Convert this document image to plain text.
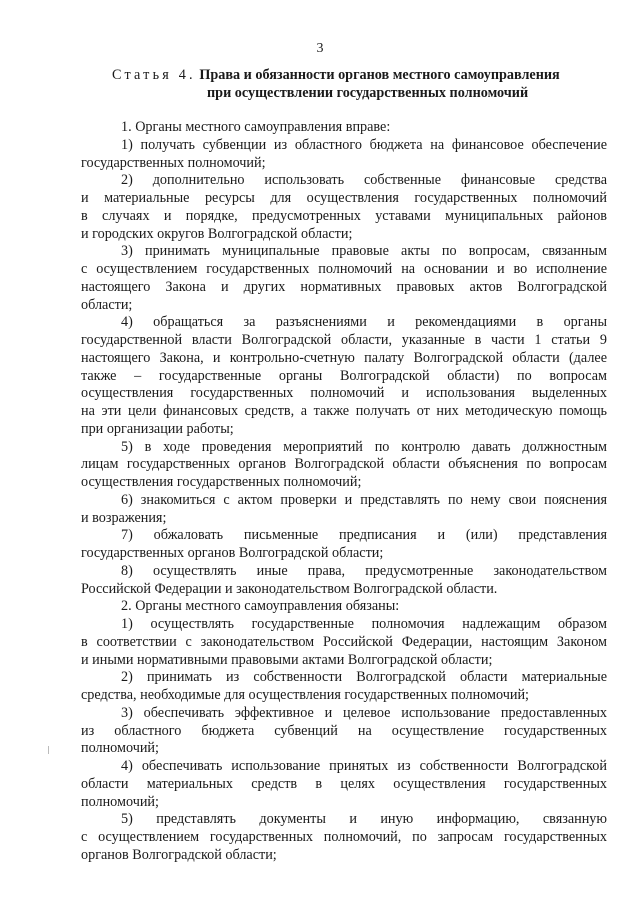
3
Статья 4. Права и обязанности органов местного самоуправления
при осуществлении государственных полномочий
1. Органы местного самоуправления вправе:
1) получать субвенции из областного бюджета на финансовое обеспечение
государственных полномочий;
2) дополнительно использовать собственные финансовые средства
и материальные ресурсы для осуществления государственных полномочий
в случаях и порядке, предусмотренных уставами муниципальных районов
и городских округов Волгоградской области;
3) принимать муниципальные правовые акты по вопросам, связанным
с осуществлением государственных полномочий на основании и во исполнение
настоящего Закона и других нормативных правовых актов Волгоградской
области;
4) обращаться за разъяснениями и рекомендациями в органы
государственной власти Волгоградской области, указанные в части 1 статьи 9
настоящего Закона, и контрольно-счетную палату Волгоградской области (далее
также – государственные органы Волгоградской области) по вопросам
осуществления государственных полномочий и использования выделенных
на эти цели финансовых средств, а также получать от них методическую помощь
при организации работы;
5) в ходе проведения мероприятий по контролю давать должностным
лицам государственных органов Волгоградской области объяснения по вопросам
осуществления государственных полномочий;
6) знакомиться с актом проверки и представлять по нему свои пояснения
и возражения;
7) обжаловать письменные предписания и (или) представления
государственных органов Волгоградской области;
8) осуществлять иные права, предусмотренные законодательством
Российской Федерации и законодательством Волгоградской области.
2. Органы местного самоуправления обязаны:
1) осуществлять государственные полномочия надлежащим образом
в соответствии с законодательством Российской Федерации, настоящим Законом
и иными нормативными правовыми актами Волгоградской области;
2) принимать из собственности Волгоградской области материальные
средства, необходимые для осуществления государственных полномочий;
3) обеспечивать эффективное и целевое использование предоставленных
из областного бюджета субвенций на осуществление государственных
полномочий;
4) обеспечивать использование принятых из собственности Волгоградской
области материальных средств в целях осуществления государственных
полномочий;
5) представлять документы и иную информацию, связанную
с осуществлением государственных полномочий, по запросам государственных
органов Волгоградской области;
